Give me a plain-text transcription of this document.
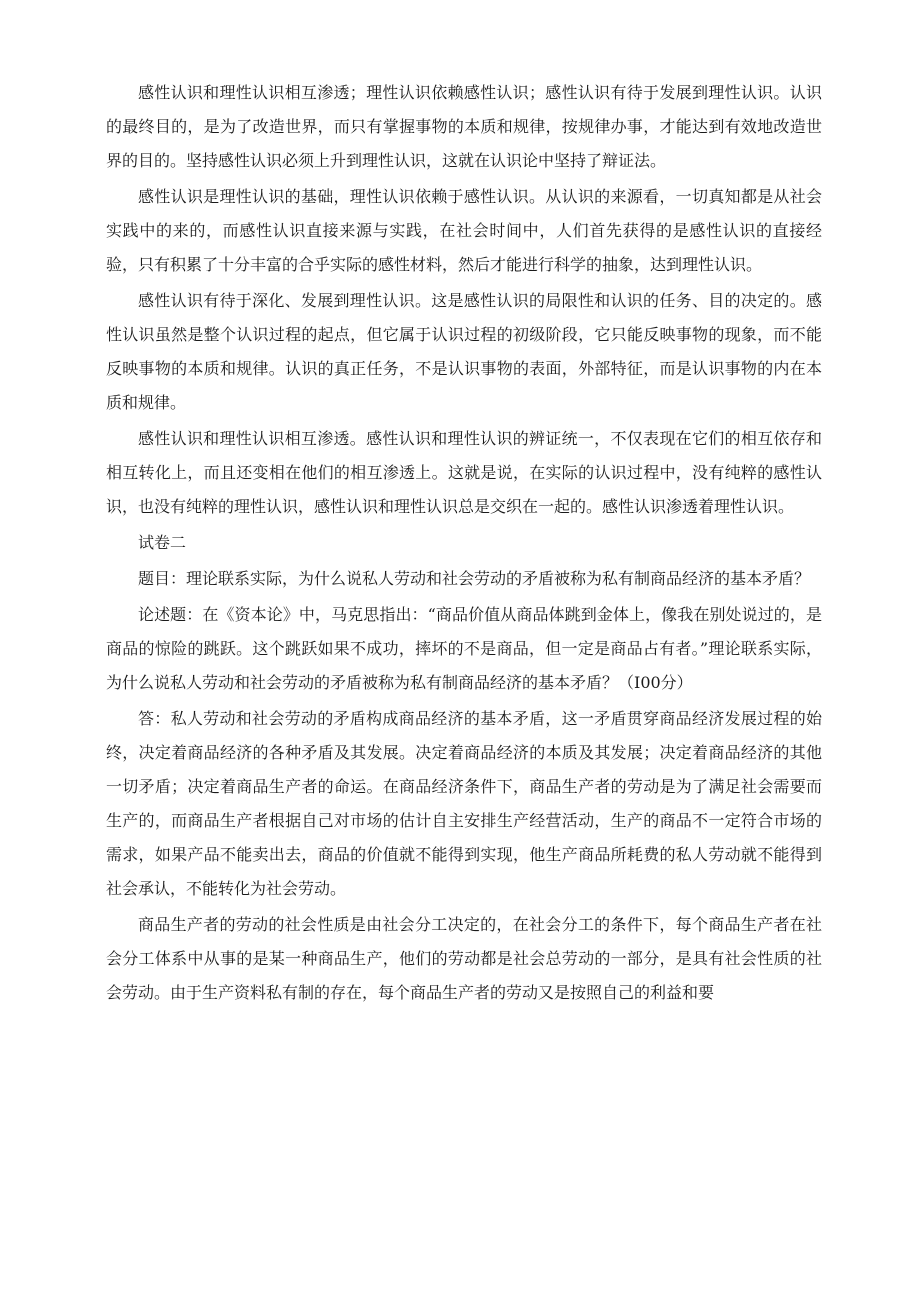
感性认识和理性认识相互渗透；理性认识依赖感性认识；感性认识有待于发展到理性认识。认识的最终目的，是为了改造世界，而只有掌握事物的本质和规律，按规律办事，才能达到有效地改造世界的目的。坚持感性认识必须上升到理性认识，这就在认识论中坚持了辩证法。

感性认识是理性认识的基础，理性认识依赖于感性认识。从认识的来源看，一切真知都是从社会实践中的来的，而感性认识直接来源与实践，在社会时间中，人们首先获得的是感性认识的直接经验，只有积累了十分丰富的合乎实际的感性材料，然后才能进行科学的抽象，达到理性认识。

感性认识有待于深化、发展到理性认识。这是感性认识的局限性和认识的任务、目的决定的。感性认识虽然是整个认识过程的起点，但它属于认识过程的初级阶段，它只能反映事物的现象，而不能反映事物的本质和规律。认识的真正任务，不是认识事物的表面，外部特征，而是认识事物的内在本质和规律。

感性认识和理性认识相互渗透。感性认识和理性认识的辨证统一，不仅表现在它们的相互依存和相互转化上，而且还变相在他们的相互渗透上。这就是说，在实际的认识过程中，没有纯粹的感性认识，也没有纯粹的理性认识，感性认识和理性认识总是交织在一起的。感性认识渗透着理性认识。

试卷二

题目：理论联系实际，为什么说私人劳动和社会劳动的矛盾被称为私有制商品经济的基本矛盾？

论述题：在《资本论》中，马克思指出：“商品价值从商品体跳到金体上，像我在别处说过的，是商品的惊险的跳跃。这个跳跃如果不成功，摔坏的不是商品，但一定是商品占有者。”理论联系实际，为什么说私人劳动和社会劳动的矛盾被称为私有制商品经济的基本矛盾？（I00分）

答：私人劳动和社会劳动的矛盾构成商品经济的基本矛盾，这一矛盾贯穿商品经济发展过程的始终，决定着商品经济的各种矛盾及其发展。决定着商品经济的本质及其发展；决定着商品经济的其他一切矛盾；决定着商品生产者的命运。在商品经济条件下，商品生产者的劳动是为了满足社会需要而生产的，而商品生产者根据自己对市场的估计自主安排生产经营活动，生产的商品不一定符合市场的需求，如果产品不能卖出去，商品的价值就不能得到实现，他生产商品所耗费的私人劳动就不能得到社会承认，不能转化为社会劳动。

商品生产者的劳动的社会性质是由社会分工决定的，在社会分工的条件下，每个商品生产者在社会分工体系中从事的是某一种商品生产，他们的劳动都是社会总劳动的一部分，是具有社会性质的社会劳动。由于生产资料私有制的存在，每个商品生产者的劳动又是按照自己的利益和要
